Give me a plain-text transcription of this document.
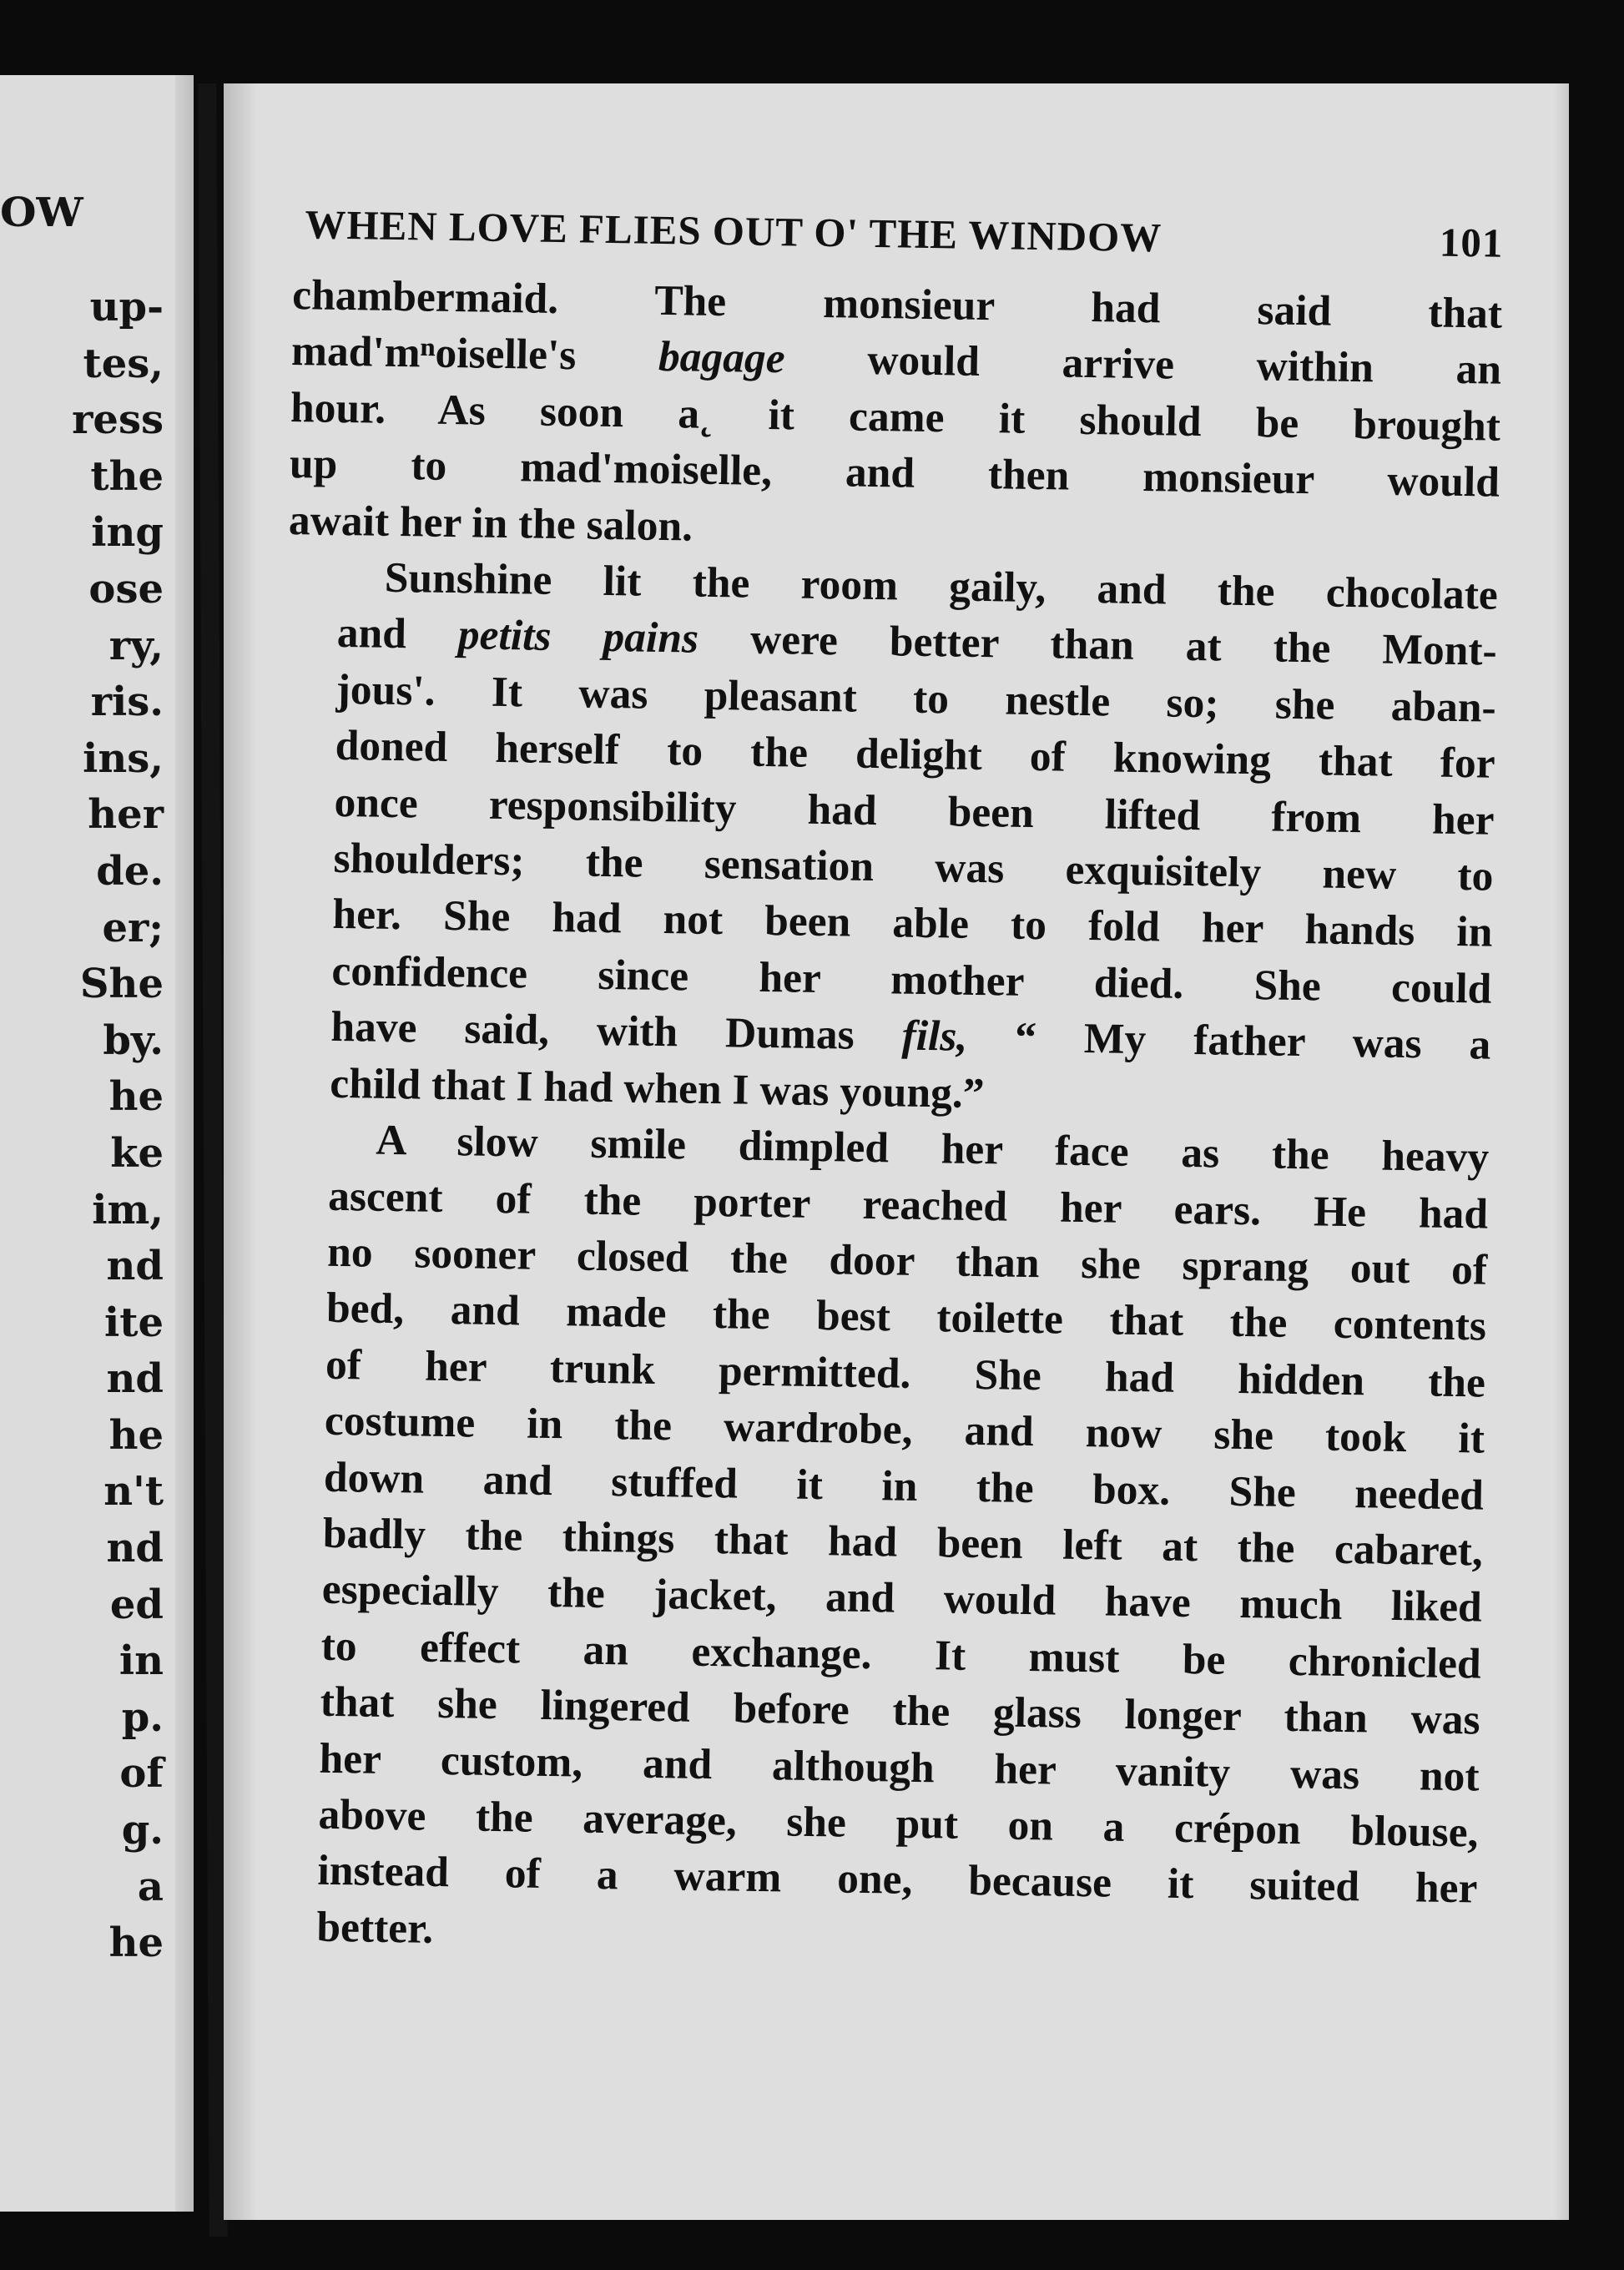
OW
up-
tes,
ress
the
ing
ose
ry,
ris.
ins,
her
de.
er;
She
by.
he
ke
im,
nd
ite
nd
he
n't
nd
ed
in
p.
of
g.
a
he
WHEN LOVE FLIES OUT O' THE WINDOW	101
chambermaid. The monsieur had said that
mad'mⁿoiselle's bagage would arrive within an
hour. As soon a˛ it came it should be brought
up to mad'moiselle, and then monsieur would
await her in the salon.
Sunshine lit the room gaily, and the chocolate
and petits pains were better than at the Mont-
jous'. It was pleasant to nestle so; she aban-
doned herself to the delight of knowing that for
once responsibility had been lifted from her
shoulders; the sensation was exquisitely new to
her. She had not been able to fold her hands in
confidence since her mother died. She could
have said, with Dumas fils, “ My father was a
child that I had when I was young.”
A slow smile dimpled her face as the heavy
ascent of the porter reached her ears. He had
no sooner closed the door than she sprang out of
bed, and made the best toilette that the contents
of her trunk permitted. She had hidden the
costume in the wardrobe, and now she took it
down and stuffed it in the box. She needed
badly the things that had been left at the cabaret,
especially the jacket, and would have much liked
to effect an exchange. It must be chronicled
that she lingered before the glass longer than was
her custom, and although her vanity was not
above the average, she put on a crépon blouse,
instead of a warm one, because it suited her
better.
